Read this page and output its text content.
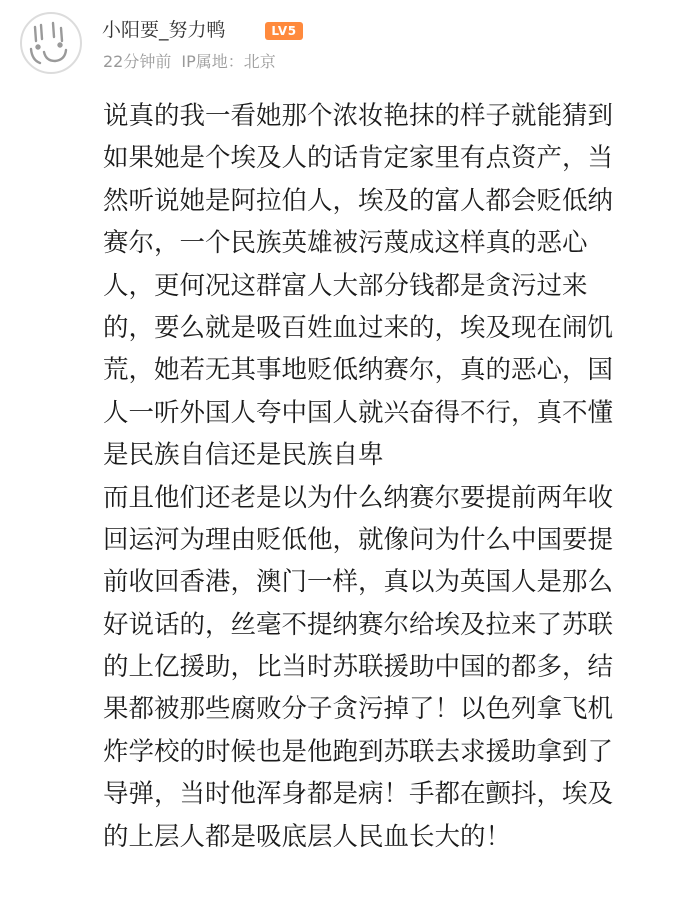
小阳要_努力鸭	LV5
22分钟前 IP属地：北京
说真的我一看她那个浓妆艳抹的样子就能猜到
如果她是个埃及人的话肯定家里有点资产，当
然听说她是阿拉伯人，埃及的富人都会贬低纳
赛尔，一个民族英雄被污蔑成这样真的恶心
人，更何况这群富人大部分钱都是贪污过来
的，要么就是吸百姓血过来的，埃及现在闹饥
荒，她若无其事地贬低纳赛尔，真的恶心，国
人一听外国人夸中国人就兴奋得不行，真不懂
是民族自信还是民族自卑
而且他们还老是以为什么纳赛尔要提前两年收
回运河为理由贬低他，就像问为什么中国要提
前收回香港，澳门一样，真以为英国人是那么
好说话的，丝毫不提纳赛尔给埃及拉来了苏联
的上亿援助，比当时苏联援助中国的都多，结
果都被那些腐败分子贪污掉了！以色列拿飞机
炸学校的时候也是他跑到苏联去求援助拿到了
导弹，当时他浑身都是病！手都在颤抖，埃及
的上层人都是吸底层人民血长大的！
